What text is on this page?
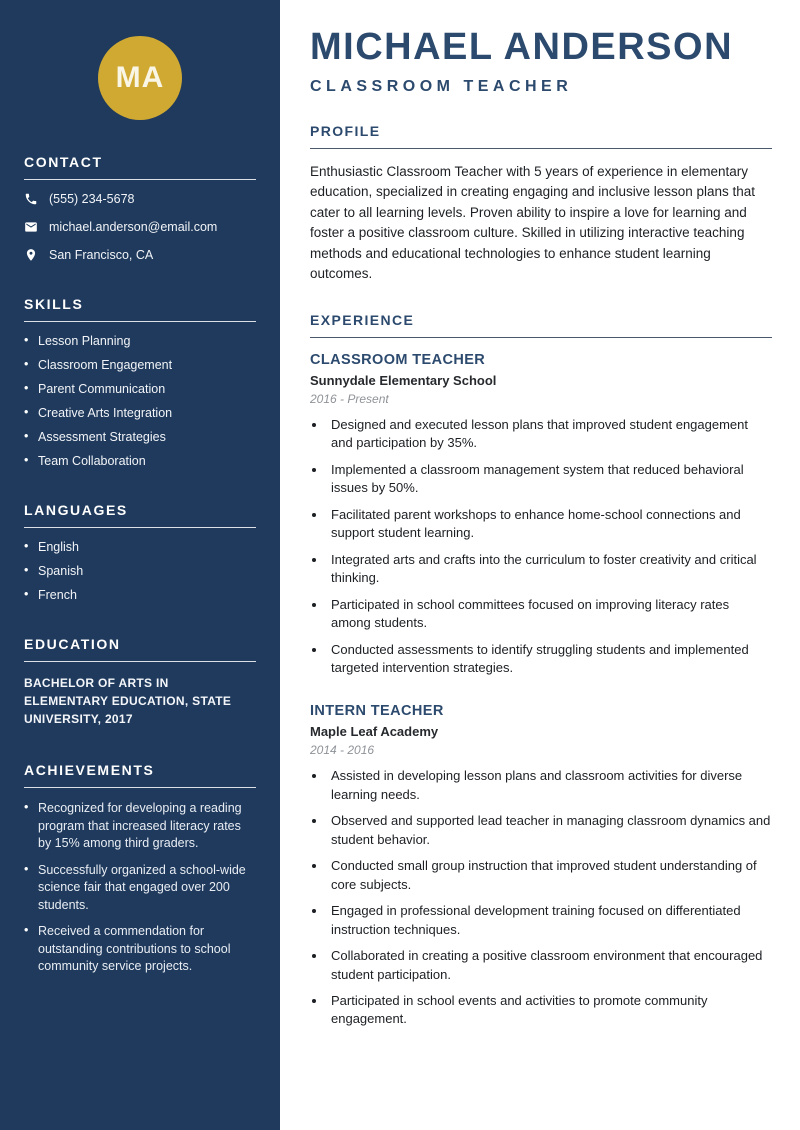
MA
CONTACT
(555) 234-5678
michael.anderson@email.com
San Francisco, CA
SKILLS
• Lesson Planning
• Classroom Engagement
• Parent Communication
• Creative Arts Integration
• Assessment Strategies
• Team Collaboration
LANGUAGES
• English
• Spanish
• French
EDUCATION
BACHELOR OF ARTS IN ELEMENTARY EDUCATION, STATE UNIVERSITY, 2017
ACHIEVEMENTS
• Recognized for developing a reading program that increased literacy rates by 15% among third graders.
• Successfully organized a school-wide science fair that engaged over 200 students.
• Received a commendation for outstanding contributions to school community service projects.
MICHAEL ANDERSON
CLASSROOM TEACHER
PROFILE

Enthusiastic Classroom Teacher with 5 years of experience in elementary education, specialized in creating engaging and inclusive lesson plans that cater to all learning levels. Proven ability to inspire a love for learning and foster a positive classroom culture. Skilled in utilizing interactive teaching methods and educational technologies to enhance student learning outcomes.

EXPERIENCE
CLASSROOM TEACHER
Sunnydale Elementary School
2016 - Present
• Designed and executed lesson plans that improved student engagement and participation by 35%.
• Implemented a classroom management system that reduced behavioral issues by 50%.
• Facilitated parent workshops to enhance home-school connections and support student learning.
• Integrated arts and crafts into the curriculum to foster creativity and critical thinking.
• Participated in school committees focused on improving literacy rates among students.
• Conducted assessments to identify struggling students and implemented targeted intervention strategies.
INTERN TEACHER
Maple Leaf Academy
2014 - 2016
• Assisted in developing lesson plans and classroom activities for diverse learning needs.
• Observed and supported lead teacher in managing classroom dynamics and student behavior.
• Conducted small group instruction that improved student understanding of core subjects.
• Engaged in professional development training focused on differentiated instruction techniques.
• Collaborated in creating a positive classroom environment that encouraged student participation.
• Participated in school events and activities to promote community engagement.
